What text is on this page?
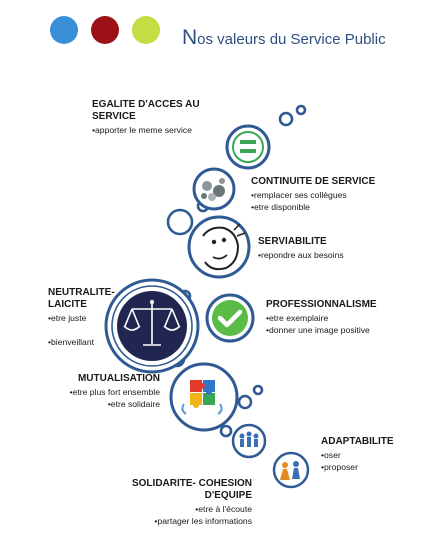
Nos valeurs du Service Public
EGALITE D'ACCES AU
SERVICE
•apporter le meme service
CONTINUITE DE SERVICE
•remplacer ses collègues
•etre disponible
SERVIABILITE
•repondre aux besoins
NEUTRALITE-
LAICITE
•etre juste
•bienveillant
PROFESSIONNALISME
•etre exemplaire
•donner une image positive
MUTUALISATION
•etre plus fort ensemble
•etre solidaire
ADAPTABILITE
•oser
•proposer
SOLIDARITE- COHESION
D'EQUIPE
•etre à l'écoute
•partager les informations
